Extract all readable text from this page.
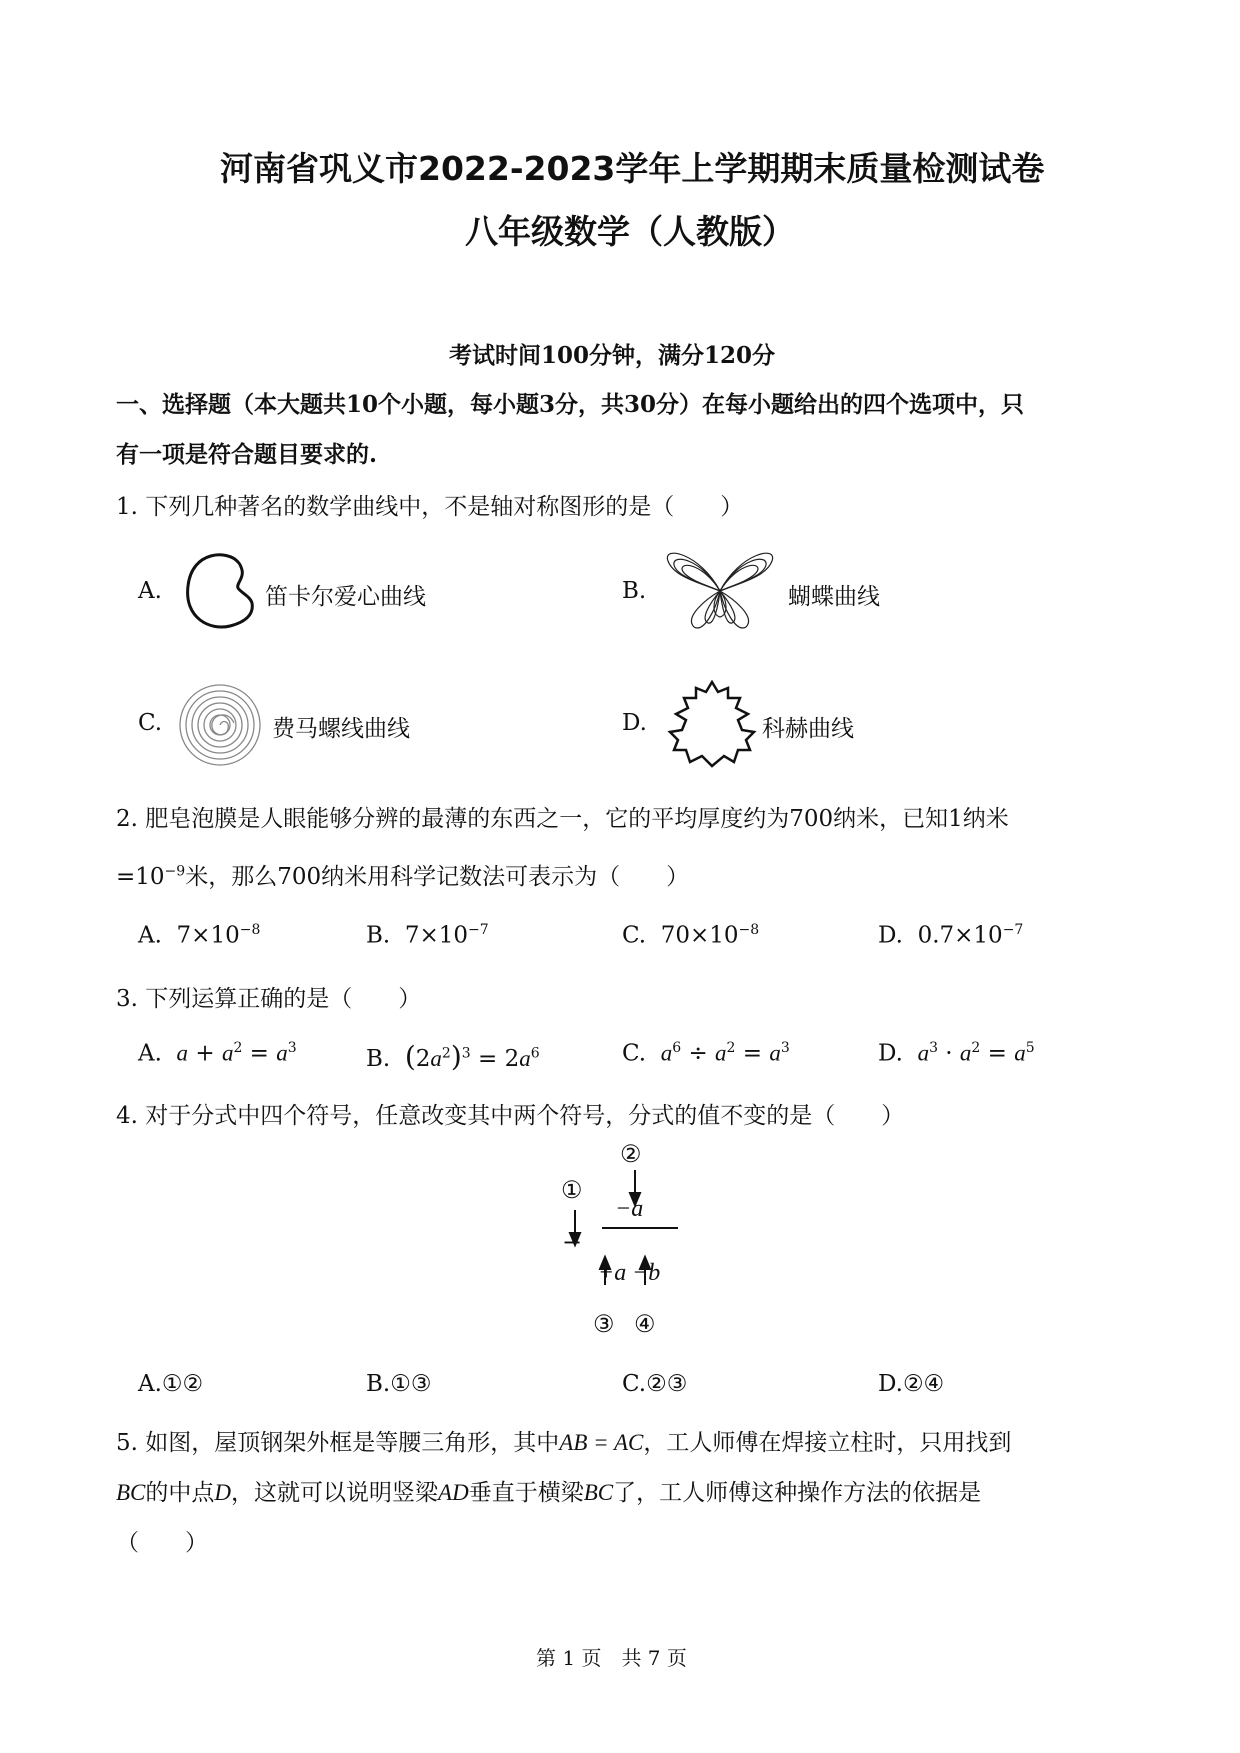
河南省巩义市2022-2023学年上学期期末质量检测试卷
八年级数学（人教版）
考试时间100分钟，满分120分
一、选择题（本大题共10个小题，每小题3分，共30分）在每小题给出的四个选项中，只
有一项是符合题目要求的.
1. 下列几种著名的数学曲线中，不是轴对称图形的是（　　）
A.	笛卡尔爱心曲线	B.	蝴蝶曲线
C.	费马螺线曲线	D.	科赫曲线
2. 肥皂泡膜是人眼能够分辨的最薄的东西之一，它的平均厚度约为700纳米，已知1纳米
$=10^{-9}$米，那么700纳米用科学记数法可表示为（　　）
A. $7\times 10^{-8}$	B. $7\times 10^{-7}$	C. $70\times 10^{-8}$	D. $0.7\times 10^{-7}$
3. 下列运算正确的是（　　）
A. $a + a^2 = a^3$	B. $(2a^2)^3 = 2a^6$	C. $a^6 \div a^2 = a^3$	D. $a^3 \cdot a^2 = a^5$
4. 对于分式中四个符号，任意改变其中两个符号，分式的值不变的是（　　）
②
①
−a
−
+a −b
③ ④
A.①②	B.①③	C.②③	D.②④
5. 如图，屋顶钢架外框是等腰三角形，其中AB = AC，工人师傅在焊接立柱时，只用找到
BC的中点D，这就可以说明竖梁AD垂直于横梁BC了，工人师傅这种操作方法的依据是
（　　）
第 1 页　共 7 页
